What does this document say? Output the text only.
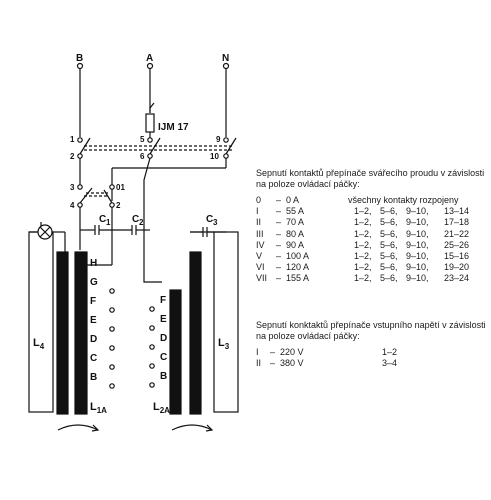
B	A	N
IJM 17
1	5	9
2	6	10
3	01
4	2
C 1 C 2	C 3
$L_4$	$L_3$
$L_{1A}$	$L_{2A}$
H
G
F
E
D
C
B
F
E
D
C
B
Sepnutí kontaktů přepínače svářecího proudu v závislosti na poloze ovládací páčky:
0 – 0 A	všechny kontakty rozpojeny
I – 55 A	1–2, 5–6, 9–10, 13–14
II – 70 A	1–2, 5–6, 9–10, 17–18
III – 80 A	1–2, 5–6, 9–10, 21–22
IV – 90 A	1–2, 5–6, 9–10, 25–26
V – 100 A	1–2, 5–6, 9–10, 15–16
VI – 120 A	1–2, 5–6, 9–10, 19–20
VII – 155 A	1–2, 5–6, 9–10, 23–24
Sepnutí konktaktů přepínače vstupního napětí v závislosti na poloze ovládací páčky:
I – 220 V	1–2
II – 380 V	3–4
